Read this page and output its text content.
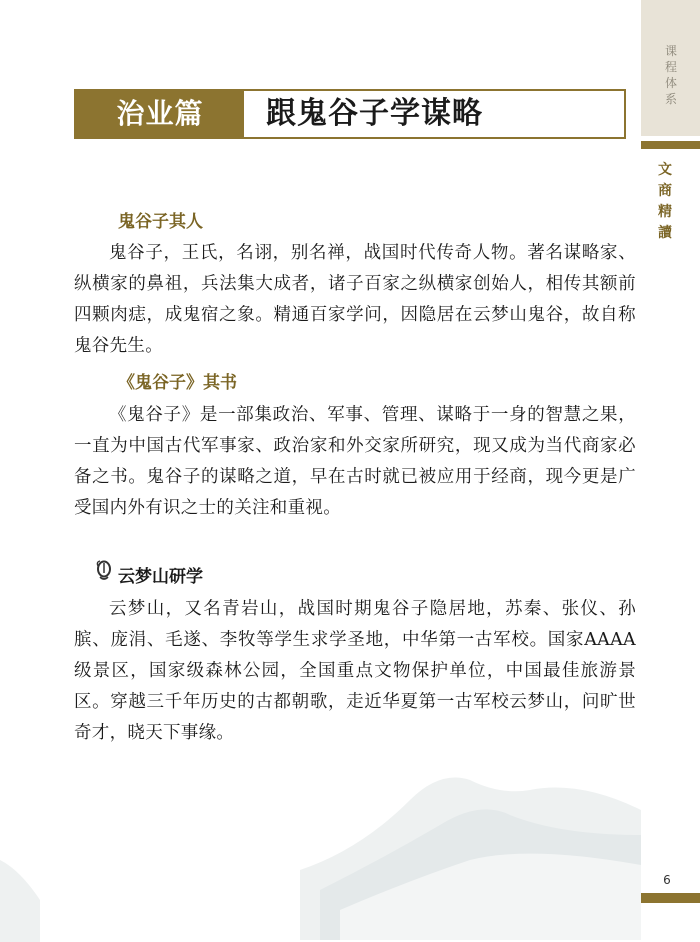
课程体系
文商精讀
治业篇	跟鬼谷子学谋略
鬼谷子其人
鬼谷子，王氏，名诩，别名禅，战国时代传奇人物。著名谋略家、纵横家的鼻祖，兵法集大成者，诸子百家之纵横家创始人，相传其额前四颗肉痣，成鬼宿之象。精通百家学问，因隐居在云梦山鬼谷，故自称鬼谷先生。
《鬼谷子》其书
《鬼谷子》是一部集政治、军事、管理、谋略于一身的智慧之果，一直为中国古代军事家、政治家和外交家所研究，现又成为当代商家必备之书。鬼谷子的谋略之道，早在古时就已被应用于经商，现今更是广受国内外有识之士的关注和重视。
云梦山研学
云梦山，又名青岩山，战国时期鬼谷子隐居地，苏秦、张仪、孙膑、庞涓、毛遂、李牧等学生求学圣地，中华第一古军校。国家AAAA级景区，国家级森林公园，全国重点文物保护单位，中国最佳旅游景区。穿越三千年历史的古都朝歌，走近华夏第一古军校云梦山，问旷世奇才，晓天下事缘。
6
